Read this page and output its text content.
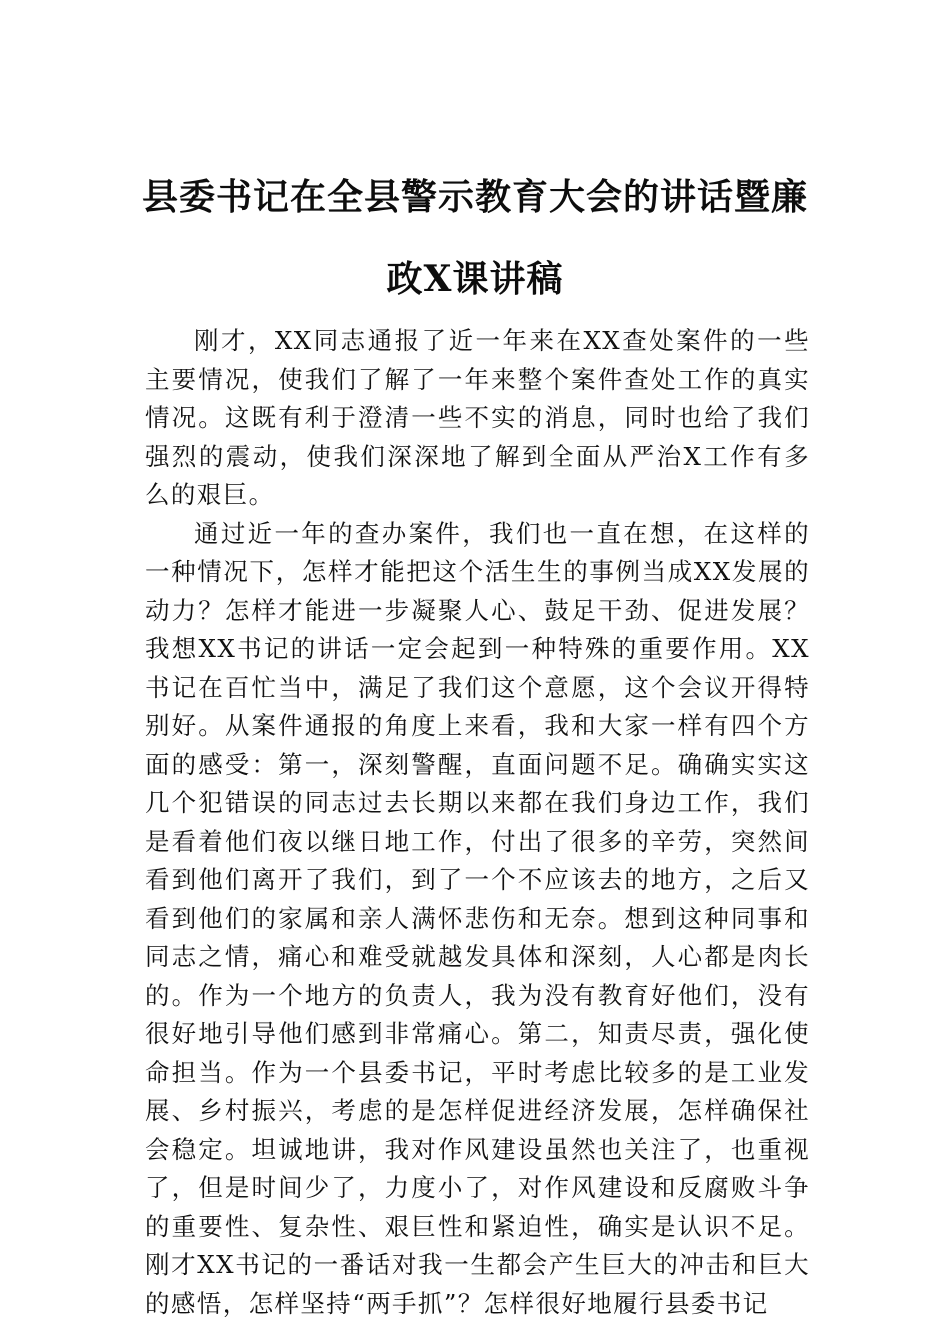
县委书记在全县警示教育大会的讲话暨廉
政X课讲稿

刚才，XX同志通报了近一年来在XX查处案件的一些主要情况，使我们了解了一年来整个案件查处工作的真实情况。这既有利于澄清一些不实的消息，同时也给了我们强烈的震动，使我们深深地了解到全面从严治X工作有多么的艰巨。

通过近一年的查办案件，我们也一直在想，在这样的一种情况下，怎样才能把这个活生生的事例当成XX发展的动力？怎样才能进一步凝聚人心、鼓足干劲、促进发展？我想XX书记的讲话一定会起到一种特殊的重要作用。XX书记在百忙当中，满足了我们这个意愿，这个会议开得特别好。从案件通报的角度上来看，我和大家一样有四个方面的感受：第一，深刻警醒，直面问题不足。确确实实这几个犯错误的同志过去长期以来都在我们身边工作，我们是看着他们夜以继日地工作，付出了很多的辛劳，突然间看到他们离开了我们，到了一个不应该去的地方，之后又看到他们的家属和亲人满怀悲伤和无奈。想到这种同事和同志之情，痛心和难受就越发具体和深刻，人心都是肉长的。作为一个地方的负责人，我为没有教育好他们，没有很好地引导他们感到非常痛心。第二，知责尽责，强化使命担当。作为一个县委书记，平时考虑比较多的是工业发展、乡村振兴，考虑的是怎样促进经济发展，怎样确保社会稳定。坦诚地讲，我对作风建设虽然也关注了，也重视了，但是时间少了，力度小了，对作风建设和反腐败斗争的重要性、复杂性、艰巨性和紧迫性，确实是认识不足。刚才XX书记的一番话对我一生都会产生巨大的冲击和巨大的感悟，怎样坚持“两手抓”？怎样很好地履行县委书记
